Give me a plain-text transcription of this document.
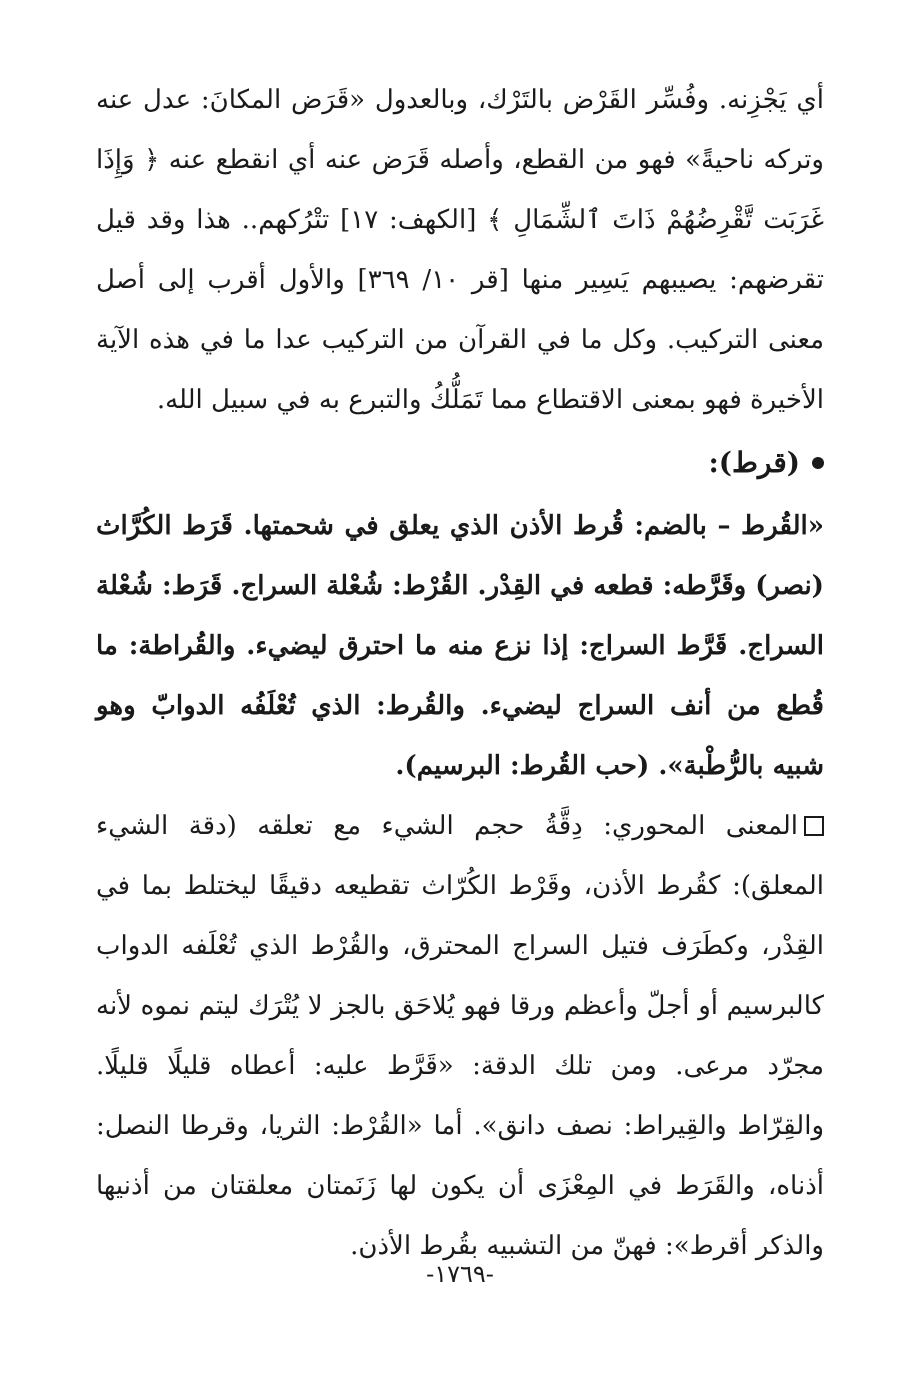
أي يَجْزِنه. وفُسِّر القَرْض بالتَرْك، وبالعدول «قَرَض المكانَ: عدل عنه وتركه ناحيةً» فهو من القطع، وأصله قَرَض عنه أي انقطع عنه ﴿ وَإِذَا غَرَبَت تَّقْرِضُهُمْ ذَاتَ ٱلشِّمَالِ ﴾ [الكهف: ١٧] تتْرُكهم.. هذا وقد قيل تقرضهم: يصيبهم يَسِير منها [قر ١٠/ ٣٦٩] والأول أقرب إلى أصل معنى التركيب. وكل ما في القرآن من التركيب عدا ما في هذه الآية الأخيرة فهو بمعنى الاقتطاع مما تَمَلُّكُ والتبرع به في سبيل الله.

(قرط):

«القُرط – بالضم: قُرط الأذن الذي يعلق في شحمتها. قَرَط الكُرَّاث (نصر) وقَرَّطه: قطعه في القِدْر. القُرْط: شُعْلة السراج. قَرَط: شُعْلة السراج. قَرَّط السراج: إذا نزع منه ما احترق ليضيء. والقُراطة: ما قُطع من أنف السراج ليضيء. والقُرط: الذي تُعْلَفُه الدوابّ وهو شبيه بالرُّطْبة». (حب القُرط: البرسيم).

المعنى المحوري: دِقَّةُ حجم الشيء مع تعلقه (دقة الشيء المعلق): كقُرط الأذن، وقَرْط الكُرّاث تقطيعه دقيقًا ليختلط بما في القِدْر، وكطَرَف فتيل السراج المحترق، والقُرْط الذي تُعْلَفه الدواب كالبرسيم أو أجلّ وأعظم ورقا فهو يُلاحَق بالجز لا يُتْرَك ليتم نموه لأنه مجرّد مرعى. ومن تلك الدقة: «قَرَّط عليه: أعطاه قليلًا قليلًا. والقِرّاط والقِيراط: نصف دانق». أما «القُرْط: الثريا، وقرطا النصل: أذناه، والقَرَط في المِعْزَى أن يكون لها زَنَمتان معلقتان من أذنيها والذكر أقرط»: فهنّ من التشبيه بقُرط الأذن.

-١٧٦٩-
